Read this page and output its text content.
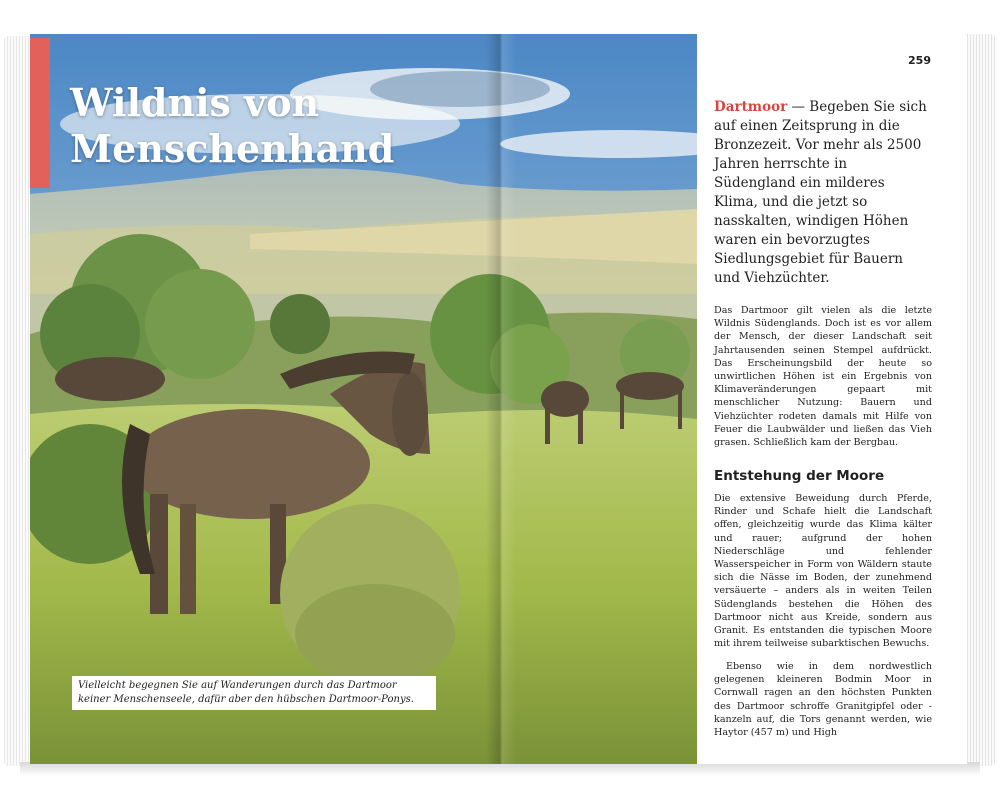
Wildnis von
Menschenhand
Vielleicht begegnen Sie auf Wanderungen durch das Dartmoor keiner Menschenseele, dafür aber den hübschen Dartmoor-Ponys.
259

Dartmoor — Begeben Sie sich auf einen Zeitsprung in die Bronzezeit. Vor mehr als 2500 Jahren herrschte in Südengland ein milderes Klima, und die jetzt so nasskalten, windigen Höhen waren ein bevorzugtes Siedlungsgebiet für Bauern und Viehzüchter.

Das Dartmoor gilt vielen als die letzte Wildnis Südenglands. Doch ist es vor allem der Mensch, der dieser Landschaft seit Jahrtausenden seinen Stempel aufdrückt. Das Erscheinungsbild der heute so unwirtlichen Höhen ist ein Ergebnis von Klimaveränderungen gepaart mit menschlicher Nutzung: Bauern und Viehzüchter rodeten damals mit Hilfe von Feuer die Laubwälder und ließen das Vieh grasen. Schließlich kam der Bergbau.

Entstehung der Moore

Die extensive Beweidung durch Pferde, Rinder und Schafe hielt die Landschaft offen, gleichzeitig wurde das Klima kälter und rauer; aufgrund der hohen Niederschläge und fehlender Wasserspeicher in Form von Wäldern staute sich die Nässe im Boden, der zunehmend versäuerte – anders als in weiten Teilen Südenglands bestehen die Höhen des Dartmoor nicht aus Kreide, sondern aus Granit. Es entstanden die typischen Moore mit ihrem teilweise subarktischen Bewuchs.

Ebenso wie in dem nordwestlich gelegenen kleineren Bodmin Moor in Cornwall ragen an den höchsten Punkten des Dartmoor schroffe Granitgipfel oder -kanzeln auf, die Tors genannt werden, wie Haytor (457 m) und High
